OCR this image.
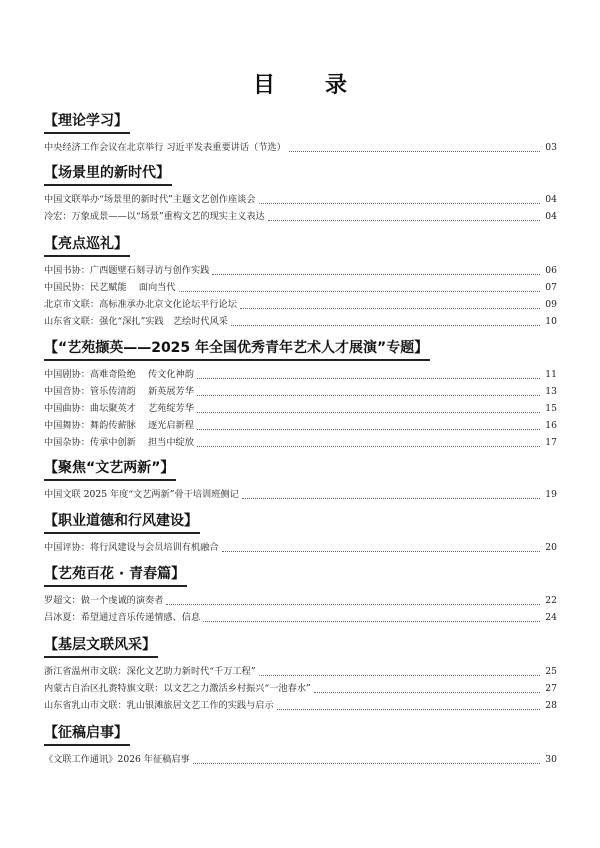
目　录
【理论学习】
中央经济工作会议在北京举行 习近平发表重要讲话（节选）	03
【场景里的新时代】
中国文联举办“场景里的新时代”主题文艺创作座谈会	04
冷宏：万象成景——以“场景”重构文艺的现实主义表达	04
【亮点巡礼】
中国书协：广西题壁石刻寻访与创作实践	06
中国民协：民艺赋能　 面向当代	07
北京市文联：高标准承办北京文化论坛平行论坛	09
山东省文联：强化“深扎”实践　艺绘时代风采	10
【“艺苑撷英——2025 年全国优秀青年艺术人才展演”专题】
中国剧协：高难奇险绝　 传文化神韵	11
中国音协：管乐传清韵　 新英展芳华	13
中国曲协：曲坛聚英才　 艺苑绽芳华	15
中国舞协：舞韵传薪脉　 逐光启新程	16
中国杂协：传承中创新　 担当中绽放	17
【聚焦“文艺两新”】
中国文联 2025 年度“文艺两新”骨干培训班侧记	19
【职业道德和行风建设】
中国评协：将行风建设与会员培训有机融合	20
【艺苑百花 · 青春篇】
罗超文：做一个虔诚的演奏者	22
吕冰夏：希望通过音乐传递情感、信息	24
【基层文联风采】
浙江省温州市文联：深化文艺助力新时代“千万工程”	25
内蒙古自治区扎赉特旗文联：以文艺之力激活乡村振兴“一池春水”	27
山东省乳山市文联：乳山银滩旅居文艺工作的实践与启示	28
【征稿启事】
《文联工作通讯》2026 年征稿启事	30
